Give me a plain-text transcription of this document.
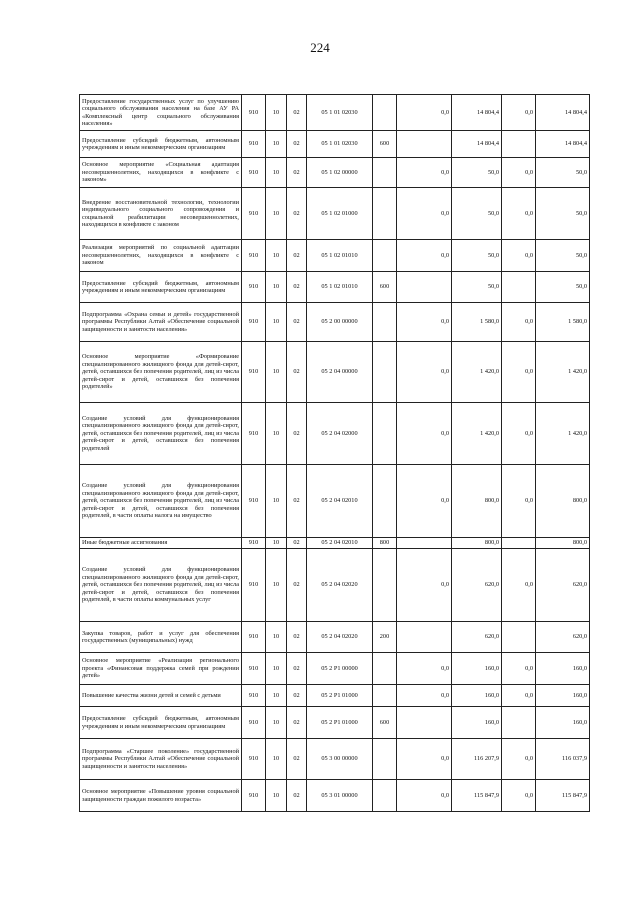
224
Предоставление государственных услуг по улучшению социального обслуживания населения на базе АУ РА «Комплексный центр социального обслуживания населения»	910	10	02	05 1 01 02030		0,0	14 804,4	0,0	14 804,4
Предоставление субсидий бюджетным, автономным учреждениям и иным некоммерческим организациям	910	10	02	05 1 01 02030	600		14 804,4		14 804,4
Основное мероприятие «Социальная адаптация несовершеннолетних, находящихся в конфликте с законом»	910	10	02	05 1 02 00000		0,0	50,0	0,0	50,0
Внедрение восстановительной технологии, технологии индивидуального социального сопровождения и социальной реабилитации несовершеннолетних, находящихся в конфликте с законом	910	10	02	05 1 02 01000		0,0	50,0	0,0	50,0
Реализация мероприятий по социальной адаптации несовершеннолетних, находящихся в конфликте с законом	910	10	02	05 1 02 01010		0,0	50,0	0,0	50,0
Предоставление субсидий бюджетным, автономным учреждениям и иным некоммерческим организациям	910	10	02	05 1 02 01010	600		50,0		50,0
Подпрограмма «Охрана семьи и детей» государственной программы Республики Алтай «Обеспечение социальной защищенности и занятости населения»	910	10	02	05 2 00 00000		0,0	1 580,0	0,0	1 580,0
Основное мероприятие «Формирование специализированного жилищного фонда для детей-сирот, детей, оставшихся без попечения родителей, лиц из числа детей-сирот и детей, оставшихся без попечения родителей»	910	10	02	05 2 04 00000		0,0	1 420,0	0,0	1 420,0
Создание условий для функционирования специализированного жилищного фонда для детей-сирот, детей, оставшихся без попечения родителей, лиц из числа детей-сирот и детей, оставшихся без попечения родителей	910	10	02	05 2 04 02000		0,0	1 420,0	0,0	1 420,0
Создание условий для функционирования специализированного жилищного фонда для детей-сирот, детей, оставшихся без попечения родителей, лиц из числа детей-сирот и детей, оставшихся без попечения родителей, в части оплаты налога на имущество	910	10	02	05 2 04 02010		0,0	800,0	0,0	800,0
Иные бюджетные ассигнования	910	10	02	05 2 04 02010	800		800,0		800,0
Создание условий для функционирования специализированного жилищного фонда для детей-сирот, детей, оставшихся без попечения родителей, лиц из числа детей-сирот и детей, оставшихся без попечения родителей, в части оплаты коммунальных услуг	910	10	02	05 2 04 02020		0,0	620,0	0,0	620,0
Закупка товаров, работ и услуг для обеспечения государственных (муниципальных) нужд	910	10	02	05 2 04 02020	200		620,0		620,0
Основное мероприятие «Реализация регионального проекта «Финансовая поддержка семей при рождении детей»	910	10	02	05 2 P1 00000		0,0	160,0	0,0	160,0
Повышение качества жизни детей и семей с детьми	910	10	02	05 2 P1 01000		0,0	160,0	0,0	160,0
Предоставление субсидий бюджетным, автономным учреждениям и иным некоммерческим организациям	910	10	02	05 2 P1 01000	600		160,0		160,0
Подпрограмма «Старшее поколение» государственной программы Республики Алтай «Обеспечение социальной защищенности и занятости населения»	910	10	02	05 3 00 00000		0,0	116 207,9	0,0	116 037,9
Основное мероприятие «Повышение уровня социальной защищенности граждан пожилого возраста»	910	10	02	05 3 01 00000		0,0	115 847,9	0,0	115 847,9
